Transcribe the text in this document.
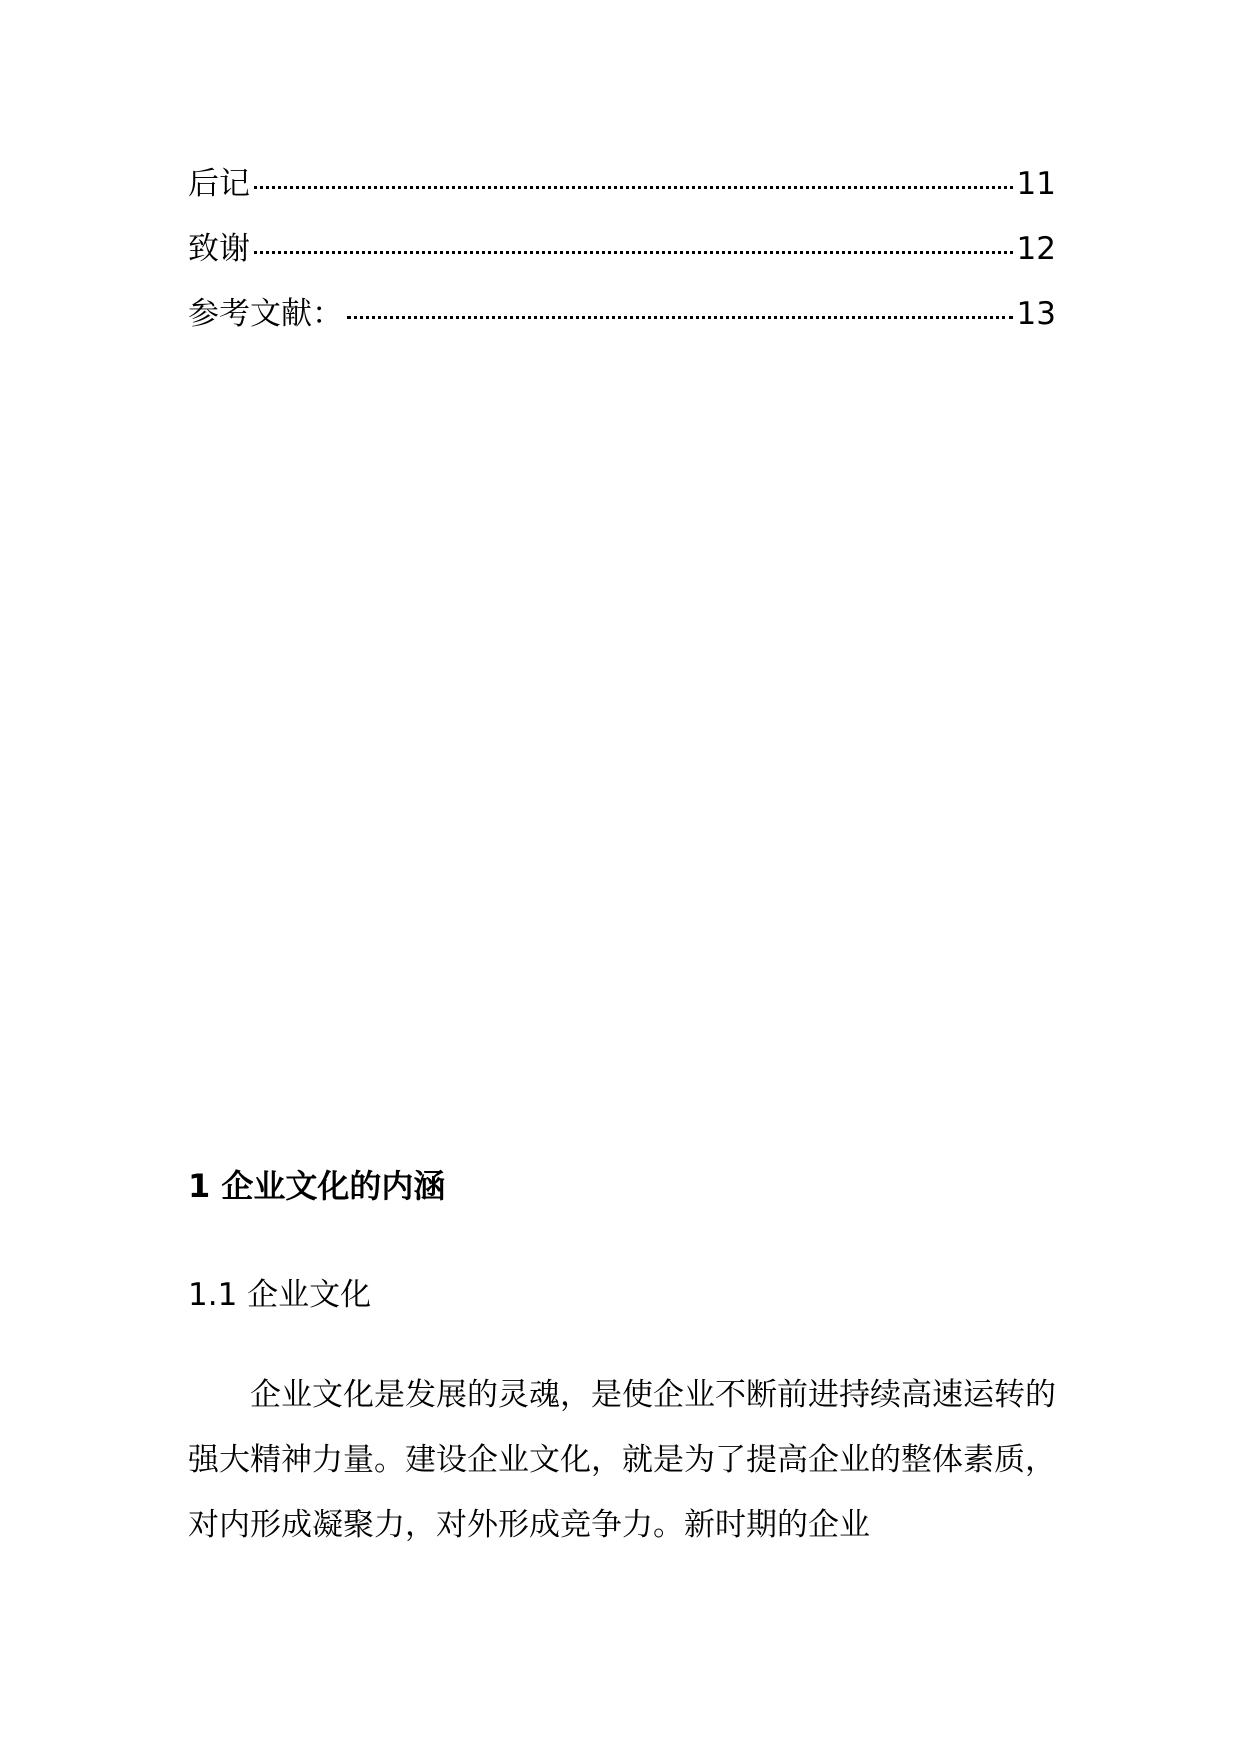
后记	11
致谢	12
参考文献：	13
1 企业文化的内涵
1.1 企业文化

企业文化是发展的灵魂，是使企业不断前进持续高速运转的强大精神力量。建设企业文化，就是为了提高企业的整体素质，对内形成凝聚力，对外形成竞争力。新时期的企业
